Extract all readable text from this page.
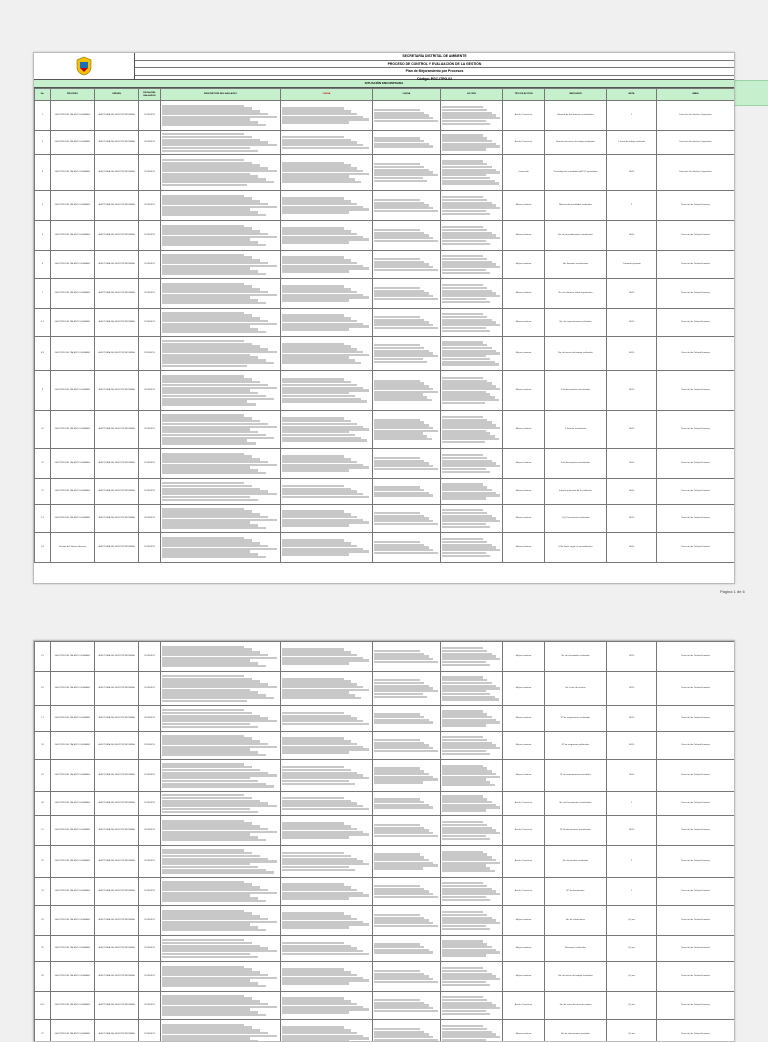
SECRETARÍA DISTRITAL DE AMBIENTE
PROCESO DE CONTROL Y EVALUACIÓN DE LA GESTIÓN
Plan de Mejoramiento por Procesos
Código: PGC-ITPG-02
SITUACIÓN ENCONTRADA
No.	PROCESO	ORIGEN	FECHA DEL HALLAZGO	DESCRIPCIÓN DEL HALLAZGO	CAUSA	CAUSA	ACCIÓN	TIPO DE ACCIÓN	INDICADOR	META	ÁREA
1	GESTIÓN DEL TALENTO HUMANO	AUDITORÍA DE GESTIÓN INTERNA	2019/09/11					Acción Correctiva	Número de documentos actualizados	1	Dirección de Gestión Corporativa
2	GESTIÓN DEL TALENTO HUMANO	AUDITORÍA DE GESTIÓN INTERNA	2019/09/11					Acción Correctiva	Número de mesas de trabajo realizadas	1 mesa de trabajo realizada	Dirección de Gestión Corporativa
3	GESTIÓN DEL TALENTO HUMANO	AUDITORÍA DE GESTIÓN INTERNA	2019/09/11					Corrección	Porcentaje de actividades del PIC ejecutadas	100%	Dirección de Gestión Corporativa
4	GESTIÓN DEL TALENTO HUMANO	AUDITORÍA DE GESTIÓN INTERNA	2019/09/11					Mejora continua	Número de actividades realizadas	1	Dirección de Talento Humano
5	GESTIÓN DEL TALENTO HUMANO	AUDITORÍA DE GESTIÓN INTERNA	2019/09/11					Mejora continua	No. de procedimientos actualizados	100%	Dirección de Talento Humano
6	GESTIÓN DEL TALENTO HUMANO	AUDITORÍA DE GESTIÓN INTERNA	2019/09/11					Mejora continua	No. formatos actualizados	1 formato ajustado	Dirección de Talento Humano
7	GESTIÓN DEL TALENTO HUMANO	AUDITORÍA DE GESTIÓN INTERNA	2019/09/11					Mejora continua	No. de informes sobre seguimiento	100%	Dirección de Talento Humano
8.1	GESTIÓN DEL TALENTO HUMANO	AUDITORÍA DE GESTIÓN INTERNA	2019/09/11					Mejora continua	No. de capacitaciones realizadas	100%	Dirección de Talento Humano
8.2	GESTIÓN DEL TALENTO HUMANO	AUDITORÍA DE GESTIÓN INTERNA	2019/09/11					Mejora continua	No. de mesas de trabajo realizadas	100%	Dirección de Talento Humano
9	GESTIÓN DEL TALENTO HUMANO	AUDITORÍA DE GESTIÓN INTERNA	2019/09/11					Mejora continua	2 de documentos actualizados	100%	Dirección de Talento Humano
10	GESTIÓN DEL TALENTO HUMANO	AUDITORÍA DE GESTIÓN INTERNA	2019/09/11					Mejora continua	2 formato actualizado	100%	Dirección de Talento Humano
11	GESTIÓN DEL TALENTO HUMANO	AUDITORÍA DE GESTIÓN INTERNA	2019/09/11					Mejora continua	2 de documentos actualizados	100%	Dirección de Talento Humano
12	GESTIÓN DEL TALENTO HUMANO	AUDITORÍA DE GESTIÓN INTERNA	2019/09/11					Mejora continua	Informe y formato de la validación	100%	Dirección de Talento Humano
13	GESTIÓN DEL TALENTO HUMANO	AUDITORÍA DE GESTIÓN INTERNA	2019/09/11					Mejora continua	1 (1) Documento actualizado	100%	Dirección de Talento Humano
14	Gestión del Talento Humano	AUDITORÍA DE GESTIÓN INTERNA	2019/09/11					Mejora continua	6 No Hostil según el procedimiento	100%	Dirección de Talento Humano
Página 1 de 6
15	GESTIÓN DEL TALENTO HUMANO	AUDITORÍA DE GESTIÓN INTERNA	2019/09/11					Mejora continua	No. de actividades realizadas	100%	Dirección de Talento Humano
16	GESTIÓN DEL TALENTO HUMANO	AUDITORÍA DE GESTIÓN INTERNA	2019/09/11					Mejora continua	No. actas de reunión	100%	Dirección de Talento Humano
17	GESTIÓN DEL TALENTO HUMANO	AUDITORÍA DE GESTIÓN INTERNA	2019/09/11					Mejora continua	Nº de seguimientos realizados	100%	Dirección de Talento Humano
18	GESTIÓN DEL TALENTO HUMANO	AUDITORÍA DE GESTIÓN INTERNA	2019/09/11					Mejora continua	Nº de programas publicados	100%	Dirección de Talento Humano
19	GESTIÓN DEL TALENTO HUMANO	AUDITORÍA DE GESTIÓN INTERNA	2019/09/11					Mejora continua	Nº de requerimientos atendidos	100%	Dirección de Talento Humano
20	GESTIÓN DEL TALENTO HUMANO	AUDITORÍA DE GESTIÓN INTERNA	2019/09/11					Acción Correctiva	No. de Documentos actualizados	1	Dirección de Talento Humano
21	GESTIÓN DEL TALENTO HUMANO	AUDITORÍA DE GESTIÓN INTERNA	2019/09/11					Acción Correctiva	Nº de documentos actualizados	100%	Dirección de Talento Humano
22	GESTIÓN DEL TALENTO HUMANO	AUDITORÍA DE GESTIÓN INTERNA	2019/09/11					Acción Correctiva	No. de pruebas realizadas	1	Dirección de Talento Humano
23	GESTIÓN DEL TALENTO HUMANO	AUDITORÍA DE GESTIÓN INTERNA	2019/09/11					Acción Correctiva	Nº de documentos	1	Dirección de Talento Humano
24	GESTIÓN DEL TALENTO HUMANO	AUDITORÍA DE GESTIÓN INTERNA	2019/09/11					Mejora continua	No. de validaciones	(1) uno	Dirección de Talento Humano
25	GESTIÓN DEL TALENTO HUMANO	AUDITORÍA DE GESTIÓN INTERNA	2019/09/11					Mejora continua	Reuniones realizadas	(1) uno	Dirección de Talento Humano
26	GESTIÓN DEL TALENTO HUMANO	AUDITORÍA DE GESTIÓN INTERNA	2019/09/11					Mejora continua	No. de mesas de trabajo realizadas	(1) uno	Dirección de Talento Humano
26.1	GESTIÓN DEL TALENTO HUMANO	AUDITORÍA DE GESTIÓN INTERNA	2019/09/11					Acción Correctiva	No. de actas de mesa de trabajo	(1) uno	Dirección de Talento Humano
27	GESTIÓN DEL TALENTO HUMANO	AUDITORÍA DE GESTIÓN INTERNA	2019/09/11					Mejora continua	No. de documentos ajustados	(1) uno	Dirección de Talento Humano
